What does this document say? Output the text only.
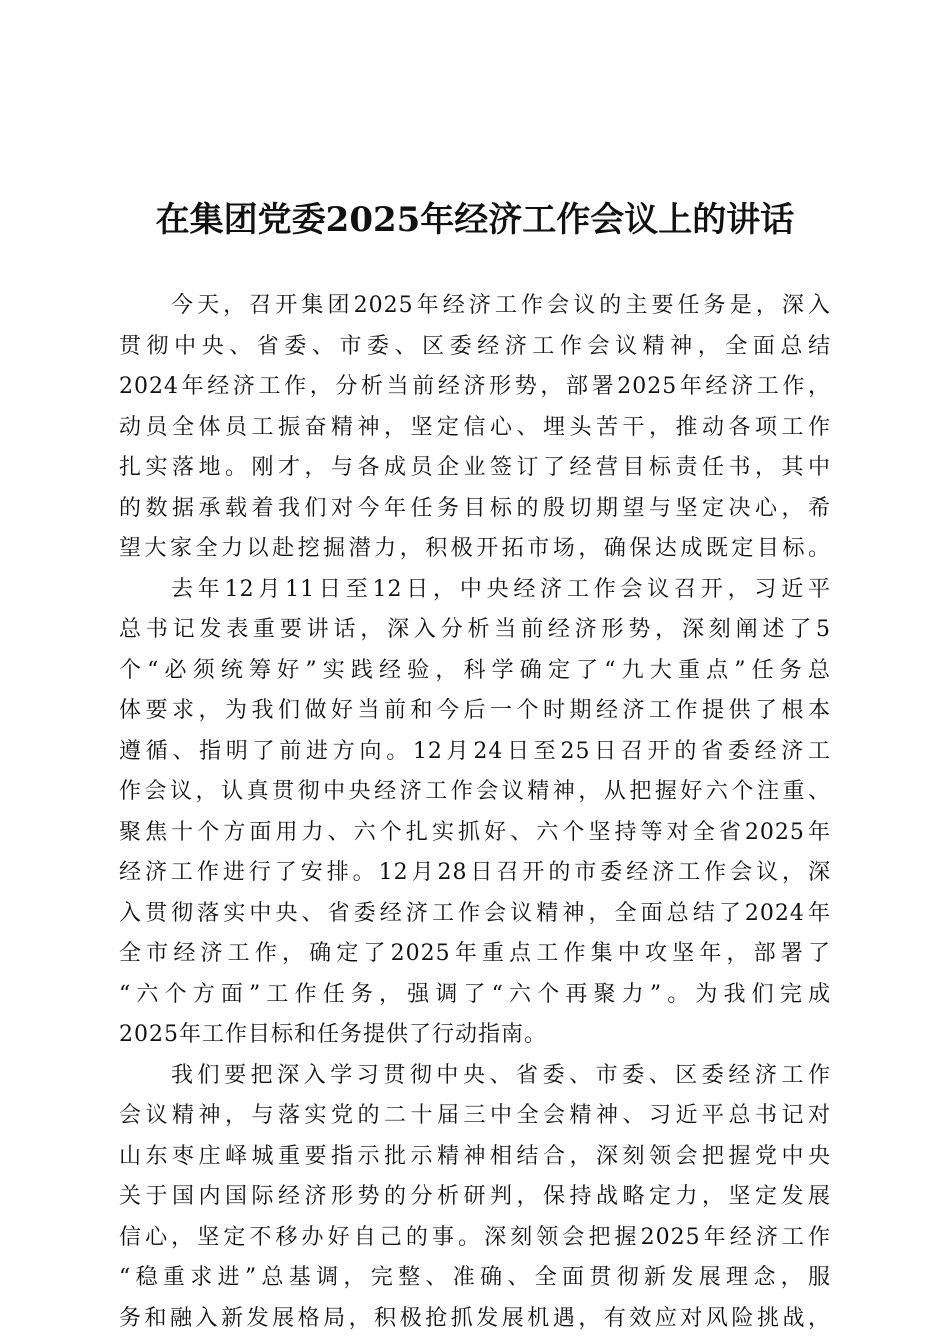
在集团党委2025年经济工作会议上的讲话
今天，召开集团2025年经济工作会议的主要任务是，深入
贯彻中央、省委、市委、区委经济工作会议精神，全面总结
2024年经济工作，分析当前经济形势，部署2025年经济工作，
动员全体员工振奋精神，坚定信心、埋头苦干，推动各项工作
扎实落地。刚才，与各成员企业签订了经营目标责任书，其中
的数据承载着我们对今年任务目标的殷切期望与坚定决心，希
望大家全力以赴挖掘潜力，积极开拓市场，确保达成既定目标。
去年12月11日至12日，中央经济工作会议召开，习近平
总书记发表重要讲话，深入分析当前经济形势，深刻阐述了5
个“必须统筹好”实践经验，科学确定了“九大重点”任务总
体要求，为我们做好当前和今后一个时期经济工作提供了根本
遵循、指明了前进方向。12月24日至25日召开的省委经济工
作会议，认真贯彻中央经济工作会议精神，从把握好六个注重、
聚焦十个方面用力、六个扎实抓好、六个坚持等对全省2025年
经济工作进行了安排。12月28日召开的市委经济工作会议，深
入贯彻落实中央、省委经济工作会议精神，全面总结了2024年
全市经济工作，确定了2025年重点工作集中攻坚年，部署了
“六个方面”工作任务，强调了“六个再聚力”。为我们完成
2025年工作目标和任务提供了行动指南。
我们要把深入学习贯彻中央、省委、市委、区委经济工作
会议精神，与落实党的二十届三中全会精神、习近平总书记对
山东枣庄峄城重要指示批示精神相结合，深刻领会把握党中央
关于国内国际经济形势的分析研判，保持战略定力，坚定发展
信心，坚定不移办好自己的事。深刻领会把握2025年经济工作
“稳重求进”总基调，完整、准确、全面贯彻新发展理念，服
务和融入新发展格局，积极抢抓发展机遇，有效应对风险挑战，
